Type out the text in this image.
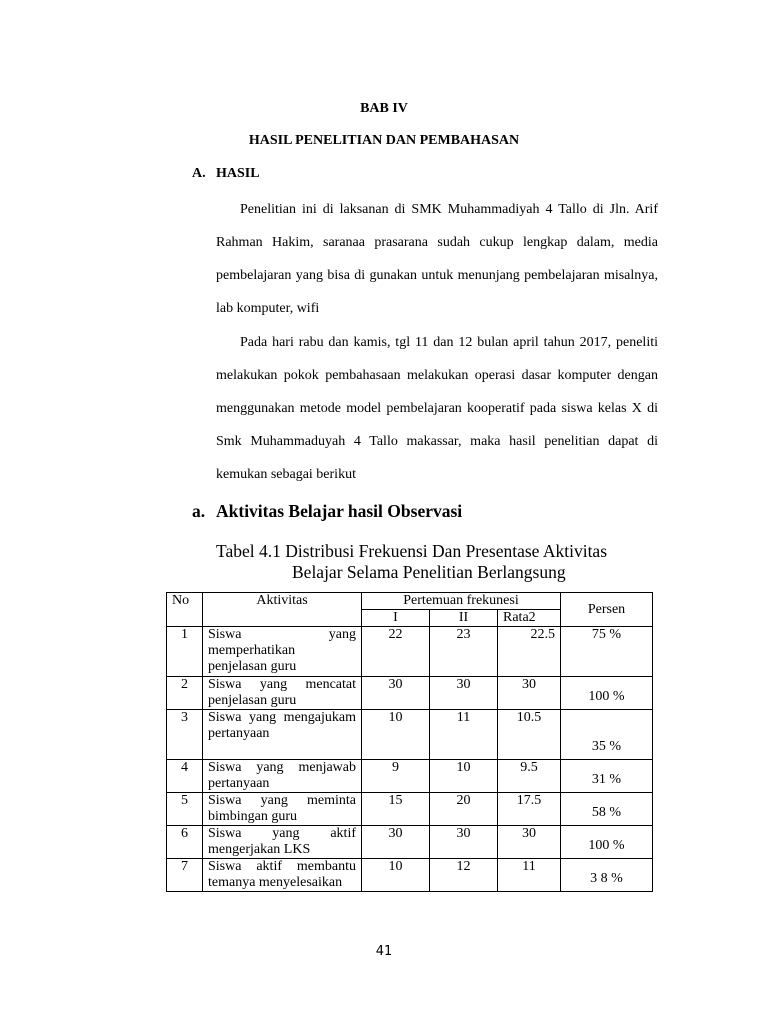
BAB IV
HASIL PENELITIAN DAN PEMBAHASAN
A. HASIL

Penelitian ini di laksanan di SMK Muhammadiyah 4 Tallo di Jln. Arif Rahman Hakim, saranaa prasarana sudah cukup lengkap dalam, media pembelajaran yang bisa di gunakan untuk menunjang pembelajaran misalnya, lab komputer, wifi

Pada hari rabu dan kamis, tgl 11 dan 12 bulan april tahun 2017, peneliti melakukan pokok pembahasaan melakukan operasi dasar komputer dengan menggunakan metode model pembelajaran kooperatif pada siswa kelas X di Smk Muhammaduyah 4 Tallo makassar, maka hasil penelitian dapat di kemukan sebagai berikut

a. Aktivitas Belajar hasil Observasi
Tabel 4.1 Distribusi Frekuensi Dan Presentase Aktivitas
Belajar Selama Penelitian Berlangsung
No	Aktivitas	Pertemuan frekunesi			Persen
		I	II	Rata2	
1	Siswa yang memperhatikan penjelasan guru	22	23	22.5	75 %
2	Siswa yang mencatat penjelasan guru	30	30	30	100 %
3	Siswa yang mengajukam pertanyaan	10	11	10.5	35 %
4	Siswa yang menjawab pertanyaan	9	10	9.5	31 %
5	Siswa yang meminta bimbingan guru	15	20	17.5	58 %
6	Siswa yang aktif mengerjakan LKS	30	30	30	100 %
7	Siswa aktif membantu temanya menyelesaikan	10	12	11	3 8 %
41
